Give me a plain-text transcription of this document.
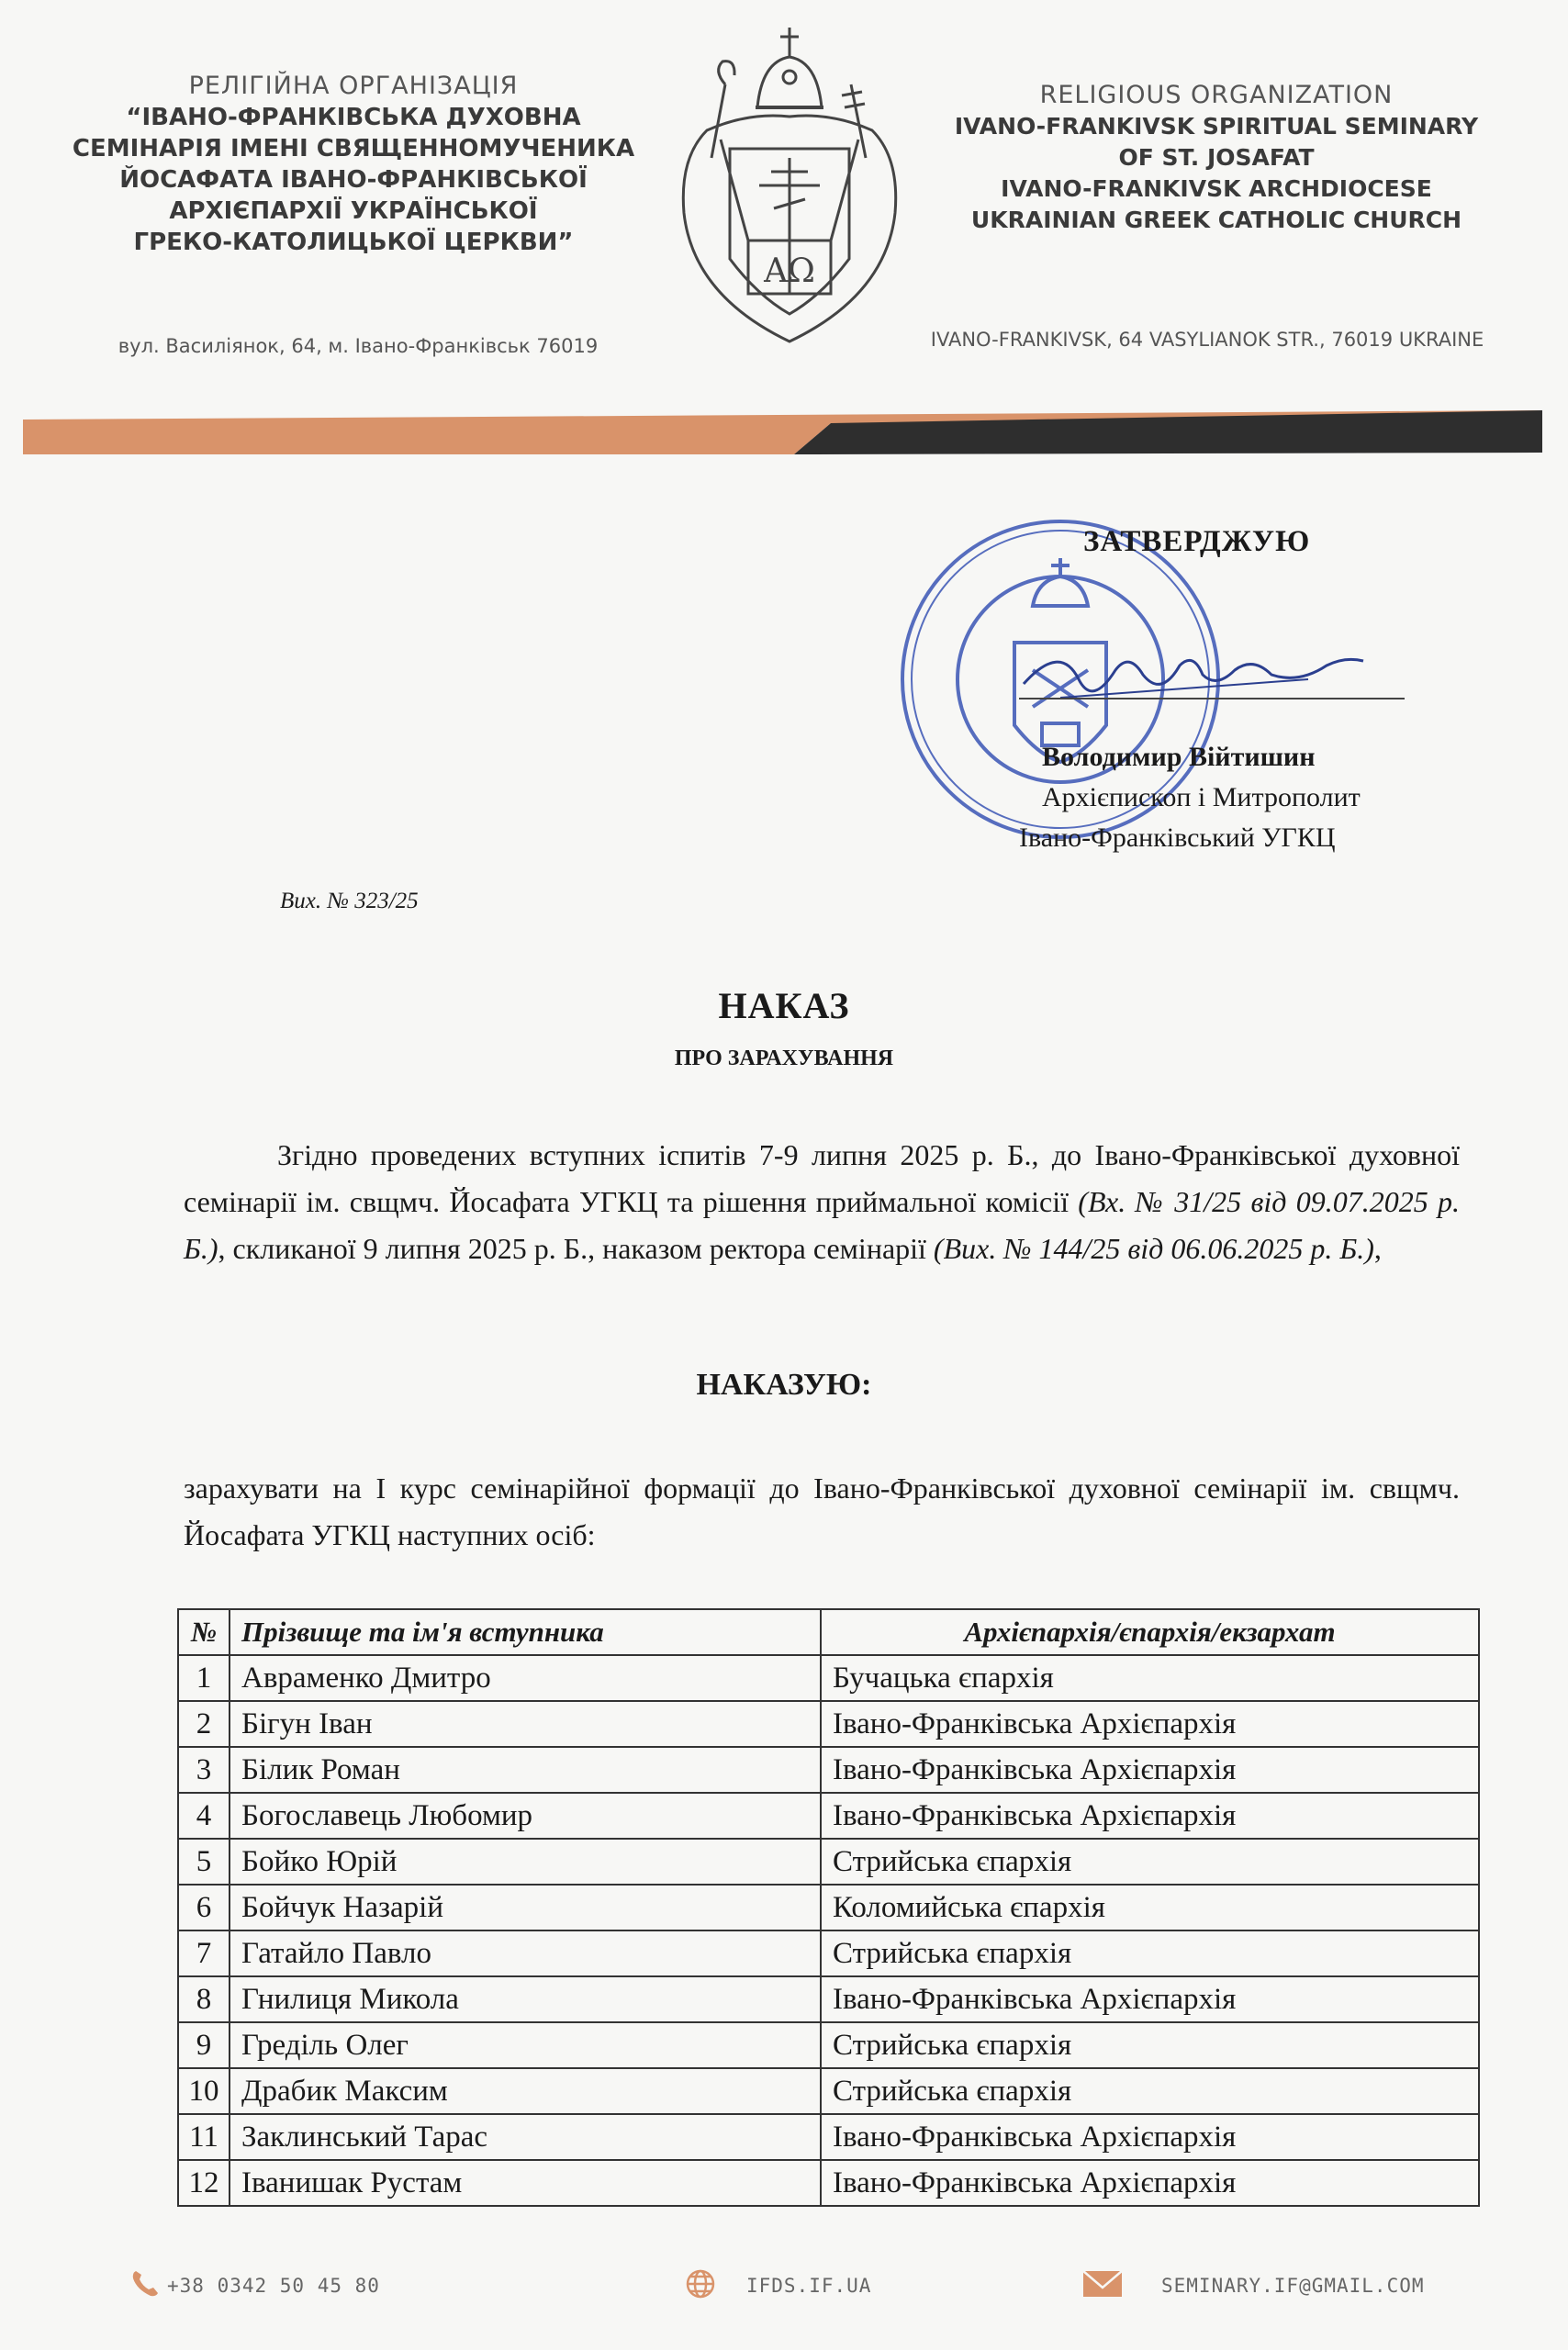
РЕЛІГІЙНА ОРГАНІЗАЦІЯ
“ІВАНО-ФРАНКІВСЬКА ДУХОВНА
СЕМІНАРІЯ ІМЕНІ СВЯЩЕННОМУЧЕНИКА
ЙОСАФАТА ІВАНО-ФРАНКІВСЬКОЇ
АРХІЄПАРХІЇ УКРАЇНСЬКОЇ
ГРЕКО-КАТОЛИЦЬКОЇ ЦЕРКВИ”
вул. Василіянок, 64, м. Івано-Франківськ 76019
ΑΩ
RELIGIOUS ORGANIZATION
IVANO-FRANKIVSK SPIRITUAL SEMINARY
OF ST. JOSAFAT
IVANO-FRANKIVSK ARCHDIOCESE
UKRAINIAN GREEK CATHOLIC CHURCH
IVANO-FRANKIVSK, 64 VASYLIANOK STR., 76019 UKRAINE
ЗАТВЕРДЖУЮ
Володимир Війтишин
Архієпископ і Митрополит
Івано-Франківський УГКЦ
Вих. № 323/25
НАКАЗ
ПРО ЗАРАХУВАННЯ
Згідно проведених вступних іспитів 7-9 липня 2025 р. Б., до Івано-Франківської духовної семінарії ім. свщмч. Йосафата УГКЦ та рішення приймальної комісії (Вх. № 31/25 від 09.07.2025 р. Б.), скликаної 9 липня 2025 р. Б., наказом ректора семінарії (Вих. № 144/25 від 06.06.2025 р. Б.),
НАКАЗУЮ:
зарахувати на І курс семінарійної формації до Івано-Франківської духовної семінарії ім. свщмч. Йосафата УГКЦ наступних осіб:
№	Прізвище та ім'я вступника	Архієпархія/єпархія/екзархат
1	Авраменко Дмитро	Бучацька єпархія
2	Бігун Іван	Івано-Франківська Архієпархія
3	Білик Роман	Івано-Франківська Архієпархія
4	Богославець Любомир	Івано-Франківська Архієпархія
5	Бойко Юрій	Стрийська єпархія
6	Бойчук Назарій	Коломийська єпархія
7	Гатайло Павло	Стрийська єпархія
8	Гнилиця Микола	Івано-Франківська Архієпархія
9	Греділь Олег	Стрийська єпархія
10	Драбик Максим	Стрийська єпархія
11	Заклинський Тарас	Івано-Франківська Архієпархія
12	Іванишак Рустам	Івано-Франківська Архієпархія
+38 0342 50 45 80	IFDS.IF.UA	SEMINARY.IF@GMAIL.COM
